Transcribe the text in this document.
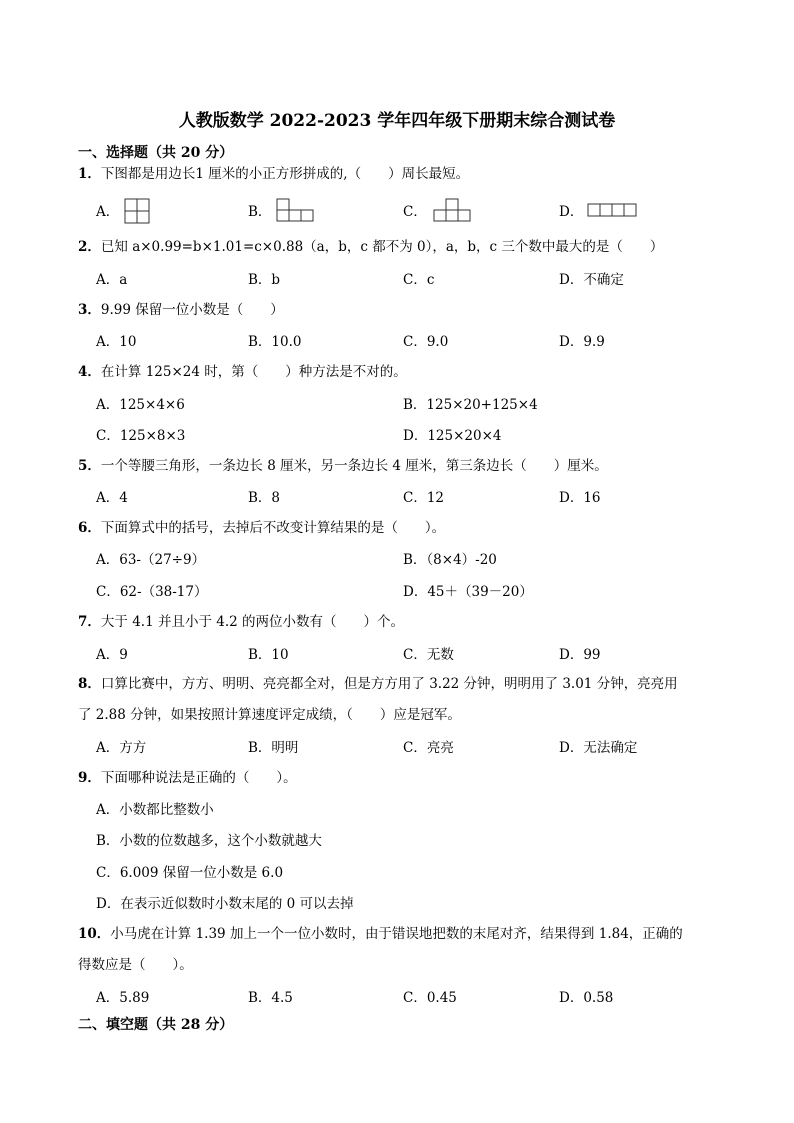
人教版数学 2022-2023 学年四年级下册期末综合测试卷
一、选择题（共 20 分）
1．下图都是用边长1 厘米的小正方形拼成的,（　　）周长最短。
A．	B．	C．	D．
2．已知 a×0.99=b×1.01=c×0.88（a，b，c 都不为 0），a，b，c 三个数中最大的是（　　）
A．a	B．b	C．c	D．不确定
3．9.99 保留一位小数是（　　）
A．10	B．10.0	C．9.0	D．9.9
4．在计算 125×24 时，第（　　）种方法是不对的。
A．125×4×6	B．125×20+125×4
C．125×8×3	D．125×20×4
5．一个等腰三角形，一条边长 8 厘米，另一条边长 4 厘米，第三条边长（　　）厘米。
A．4	B．8	C．12	D．16
6．下面算式中的括号，去掉后不改变计算结果的是（　　）。
A．63-（27÷9）	B．（8×4）-20
C．62-（38-17）	D．45＋（39－20）
7．大于 4.1 并且小于 4.2 的两位小数有（　　）个。
A．9	B．10	C．无数	D．99
8．口算比赛中，方方、明明、亮亮都全对，但是方方用了 3.22 分钟，明明用了 3.01 分钟，亮亮用
了 2.88 分钟，如果按照计算速度评定成绩，（　　）应是冠军。
A．方方	B．明明	C．亮亮	D．无法确定
9．下面哪种说法是正确的（　　）。
A．小数都比整数小
B．小数的位数越多，这个小数就越大
C．6.009 保留一位小数是 6.0
D．在表示近似数时小数末尾的 0 可以去掉
10．小马虎在计算 1.39 加上一个一位小数时，由于错误地把数的末尾对齐，结果得到 1.84，正确的
得数应是（　　）。
A．5.89	B．4.5	C．0.45	D．0.58
二、填空题（共 28 分）
